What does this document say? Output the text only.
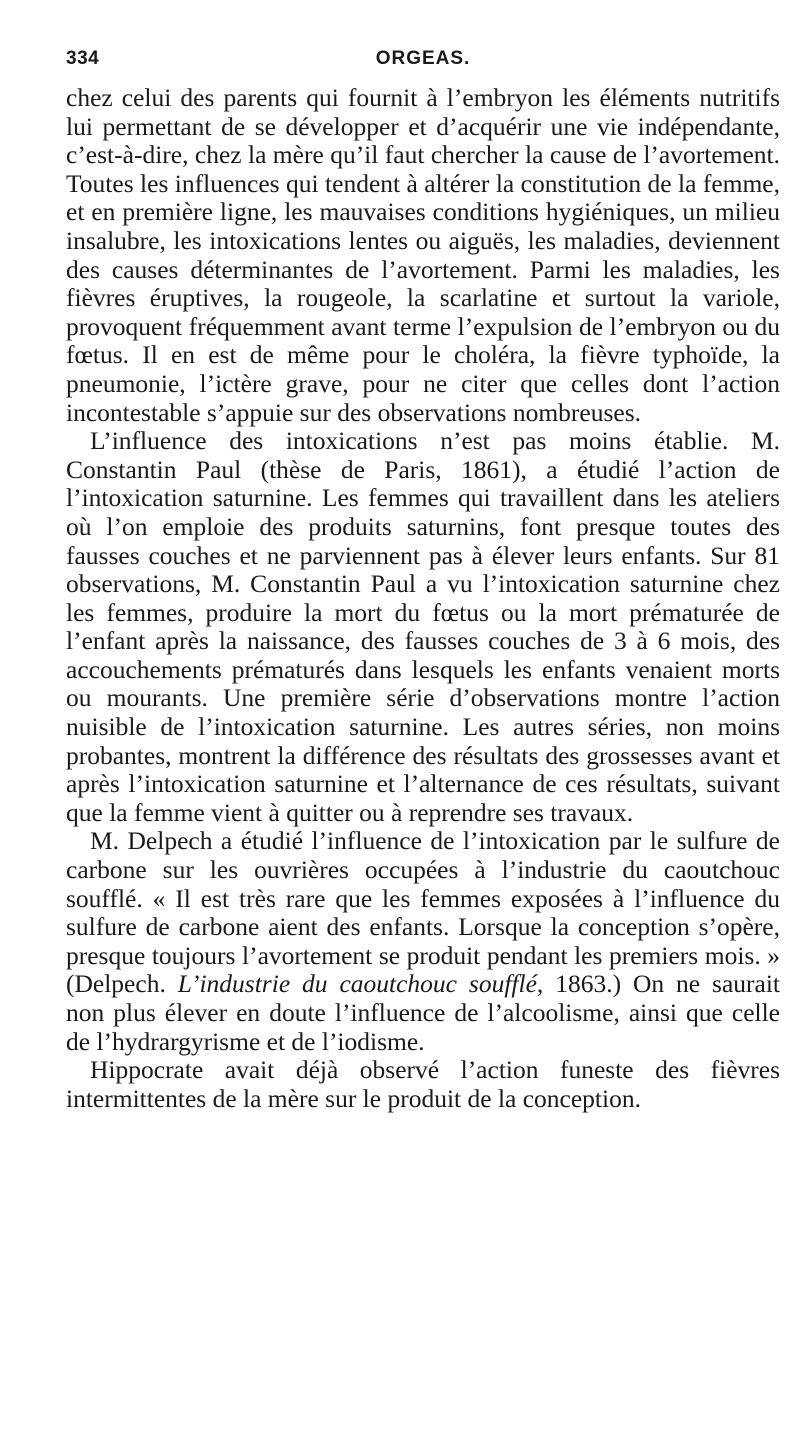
334	ORGEAS.

chez celui des parents qui fournit à l’embryon les éléments nutritifs lui permettant de se développer et d’acquérir une vie indépendante, c’est-à-dire, chez la mère qu’il faut chercher la cause de l’avortement. Toutes les influences qui tendent à altérer la constitution de la femme, et en première ligne, les mauvaises conditions hygiéniques, un milieu insalubre, les intoxications lentes ou aiguës, les maladies, deviennent des causes déterminantes de l’avortement. Parmi les maladies, les fièvres éruptives, la rougeole, la scarlatine et surtout la variole, provoquent fréquemment avant terme l’expulsion de l’embryon ou du fœtus. Il en est de même pour le choléra, la fièvre typhoïde, la pneumonie, l’ictère grave, pour ne citer que celles dont l’action incontestable s’appuie sur des observations nombreuses.

L’influence des intoxications n’est pas moins établie. M. Constantin Paul (thèse de Paris, 1861), a étudié l’action de l’intoxication saturnine. Les femmes qui travaillent dans les ateliers où l’on emploie des produits saturnins, font presque toutes des fausses couches et ne parviennent pas à élever leurs enfants. Sur 81 observations, M. Constantin Paul a vu l’intoxication saturnine chez les femmes, produire la mort du fœtus ou la mort prématurée de l’enfant après la naissance, des fausses couches de 3 à 6 mois, des accouchements prématurés dans lesquels les enfants venaient morts ou mourants. Une première série d’observations montre l’action nuisible de l’intoxication saturnine. Les autres séries, non moins probantes, montrent la différence des résultats des grossesses avant et après l’intoxication saturnine et l’alternance de ces résultats, suivant que la femme vient à quitter ou à reprendre ses travaux.

M. Delpech a étudié l’influence de l’intoxication par le sulfure de carbone sur les ouvrières occupées à l’industrie du caoutchouc soufflé. « Il est très rare que les femmes exposées à l’influence du sulfure de carbone aient des enfants. Lorsque la conception s’opère, presque toujours l’avortement se produit pendant les premiers mois. » (Delpech. L’industrie du caoutchouc soufflé, 1863.) On ne saurait non plus élever en doute l’influence de l’alcoolisme, ainsi que celle de l’hydrargyrisme et de l’iodisme.

Hippocrate avait déjà observé l’action funeste des fièvres intermittentes de la mère sur le produit de la conception.
